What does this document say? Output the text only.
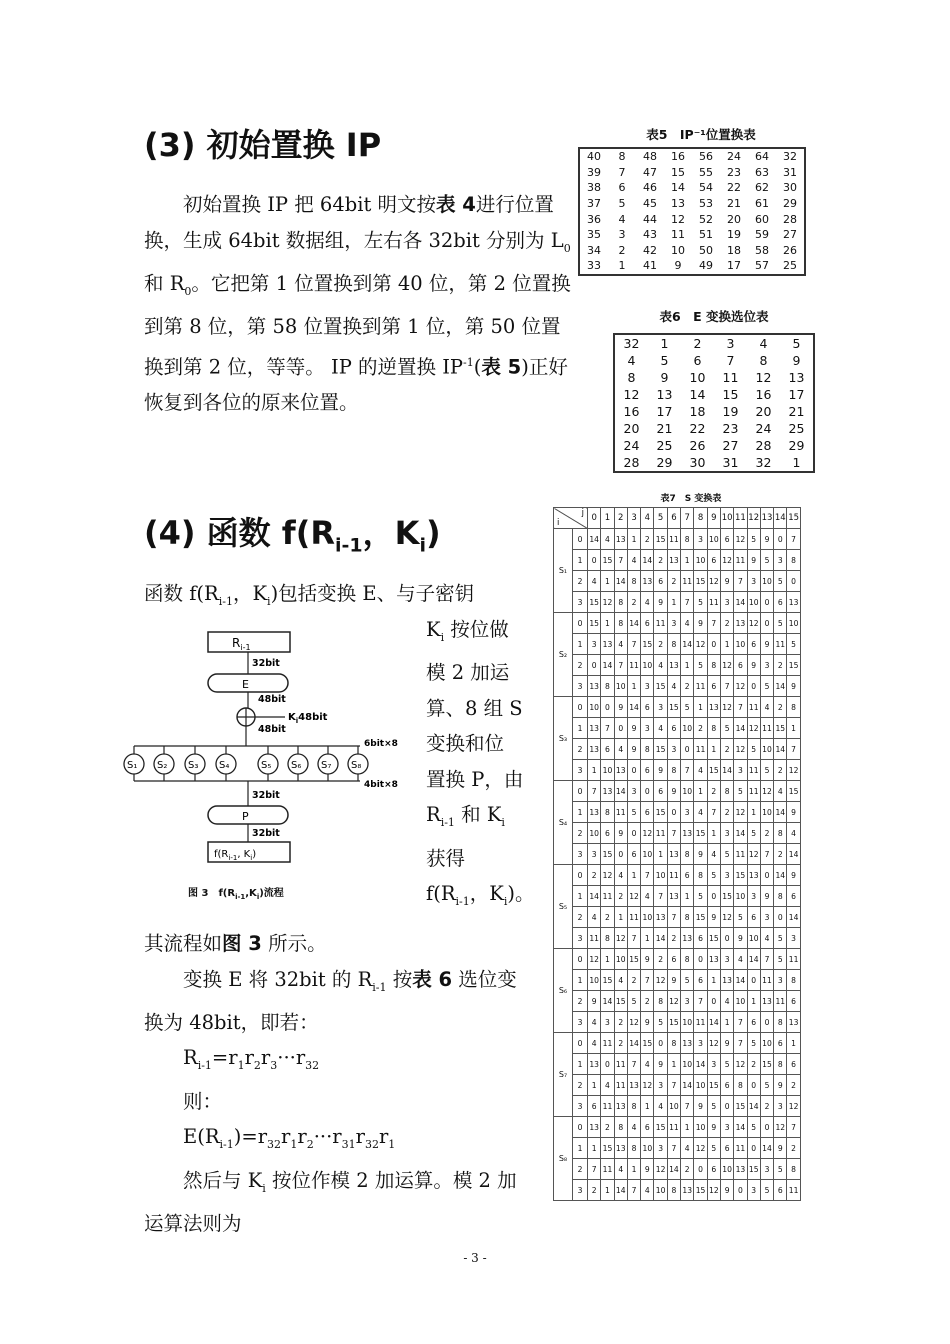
(3) 初始置换 IP

初始置换 IP 把 64bit 明文按表 4进行位置换，生成 64bit 数据组，左右各 32bit 分别为 $L_0$和 $R_0$。它把第 1 位置换到第 40 位，第 2 位置换到第 8 位，第 58 位置换到第 1 位，第 50 位置换到第 2 位，等等。 IP 的逆置换 $IP^{-1}$(表 5)正好恢复到各位的原来位置。

表5　IP⁻¹位置换表
40	8	48	16	56	24	64	32
39	7	47	15	55	23	63	31
38	6	46	14	54	22	62	30
37	5	45	13	53	21	61	29
36	4	44	12	52	20	60	28
35	3	43	11	51	19	59	27
34	2	42	10	50	18	58	26
33	1	41	9	49	17	57	25
表6　E 变换选位表
32	1	2	3	4	5
4	5	6	7	8	9
8	9	10	11	12	13
12	13	14	15	16	17
16	17	18	19	20	21
20	21	22	23	24	25
24	25	26	27	28	29
28	29	30	31	32	1
(4) 函数 $f(R_{i-1}$，$K_i$)
函数 $f(R_{i-1}$，$K_i$)包括变换 E、与子密钥

$K_i$ 按位做

模 2 加运

算、8 组 S

变换和位

置换 P，由

$R_{i-1}$ 和 $K_i$

获得

$f(R_{i-1}$，$K_i$)。

$R_{i-1}$
32bit
E
48bit
$K_i48bit$
48bit
6bit×8
S₁ S₂ S₃ S₄	S₅ S₆ S₇ S₈
4bit×8
32bit
P
32bit
$f(R_{i-1}$, $K_i$)
图 3　$f(R_{i-1},K_i)$流程

其流程如图 3 所示。

变换 E 将 32bit 的 $R_{i-1}$ 按表 6 选位变换为 48bit，即若：

$R_{i-1}=r_1r_2r_3\cdot\cdot\cdot r_{32}$

则：

$E(R_{i-1})=r_{32}r_1r_2\cdot\cdot\cdot r_{31}r_{32}r_1$

然后与 $K_i$ 按位作模 2 加运算。模 2 加运算法则为

表7　S 变换表
j

i		0	1	2	3	4	5	6	7	8	9	10	11	12	13	14	15
S₁	0	14	4	13	1	2	15	11	8	3	10	6	12	5	9	0	7
	1	0	15	7	4	14	2	13	1	10	6	12	11	9	5	3	8
	2	4	1	14	8	13	6	2	11	15	12	9	7	3	10	5	0
	3	15	12	8	2	4	9	1	7	5	11	3	14	10	0	6	13
S₂	0	15	1	8	14	6	11	3	4	9	7	2	13	12	0	5	10
	1	3	13	4	7	15	2	8	14	12	0	1	10	6	9	11	5
	2	0	14	7	11	10	4	13	1	5	8	12	6	9	3	2	15
	3	13	8	10	1	3	15	4	2	11	6	7	12	0	5	14	9
S₃	0	10	0	9	14	6	3	15	5	1	13	12	7	11	4	2	8
	1	13	7	0	9	3	4	6	10	2	8	5	14	12	11	15	1
	2	13	6	4	9	8	15	3	0	11	1	2	12	5	10	14	7
	3	1	10	13	0	6	9	8	7	4	15	14	3	11	5	2	12
S₄	0	7	13	14	3	0	6	9	10	1	2	8	5	11	12	4	15
	1	13	8	11	5	6	15	0	3	4	7	2	12	1	10	14	9
	2	10	6	9	0	12	11	7	13	15	1	3	14	5	2	8	4
	3	3	15	0	6	10	1	13	8	9	4	5	11	12	7	2	14
S₅	0	2	12	4	1	7	10	11	6	8	5	3	15	13	0	14	9
	1	14	11	2	12	4	7	13	1	5	0	15	10	3	9	8	6
	2	4	2	1	11	10	13	7	8	15	9	12	5	6	3	0	14
	3	11	8	12	7	1	14	2	13	6	15	0	9	10	4	5	3
S₆	0	12	1	10	15	9	2	6	8	0	13	3	4	14	7	5	11
	1	10	15	4	2	7	12	9	5	6	1	13	14	0	11	3	8
	2	9	14	15	5	2	8	12	3	7	0	4	10	1	13	11	6
	3	4	3	2	12	9	5	15	10	11	14	1	7	6	0	8	13
S₇	0	4	11	2	14	15	0	8	13	3	12	9	7	5	10	6	1
	1	13	0	11	7	4	9	1	10	14	3	5	12	2	15	8	6
	2	1	4	11	13	12	3	7	14	10	15	6	8	0	5	9	2
	3	6	11	13	8	1	4	10	7	9	5	0	15	14	2	3	12
S₈	0	13	2	8	4	6	15	11	1	10	9	3	14	5	0	12	7
	1	1	15	13	8	10	3	7	4	12	5	6	11	0	14	9	2
	2	7	11	4	1	9	12	14	2	0	6	10	13	15	3	5	8
	3	2	1	14	7	4	10	8	13	15	12	9	0	3	5	6	11
- 3 -
